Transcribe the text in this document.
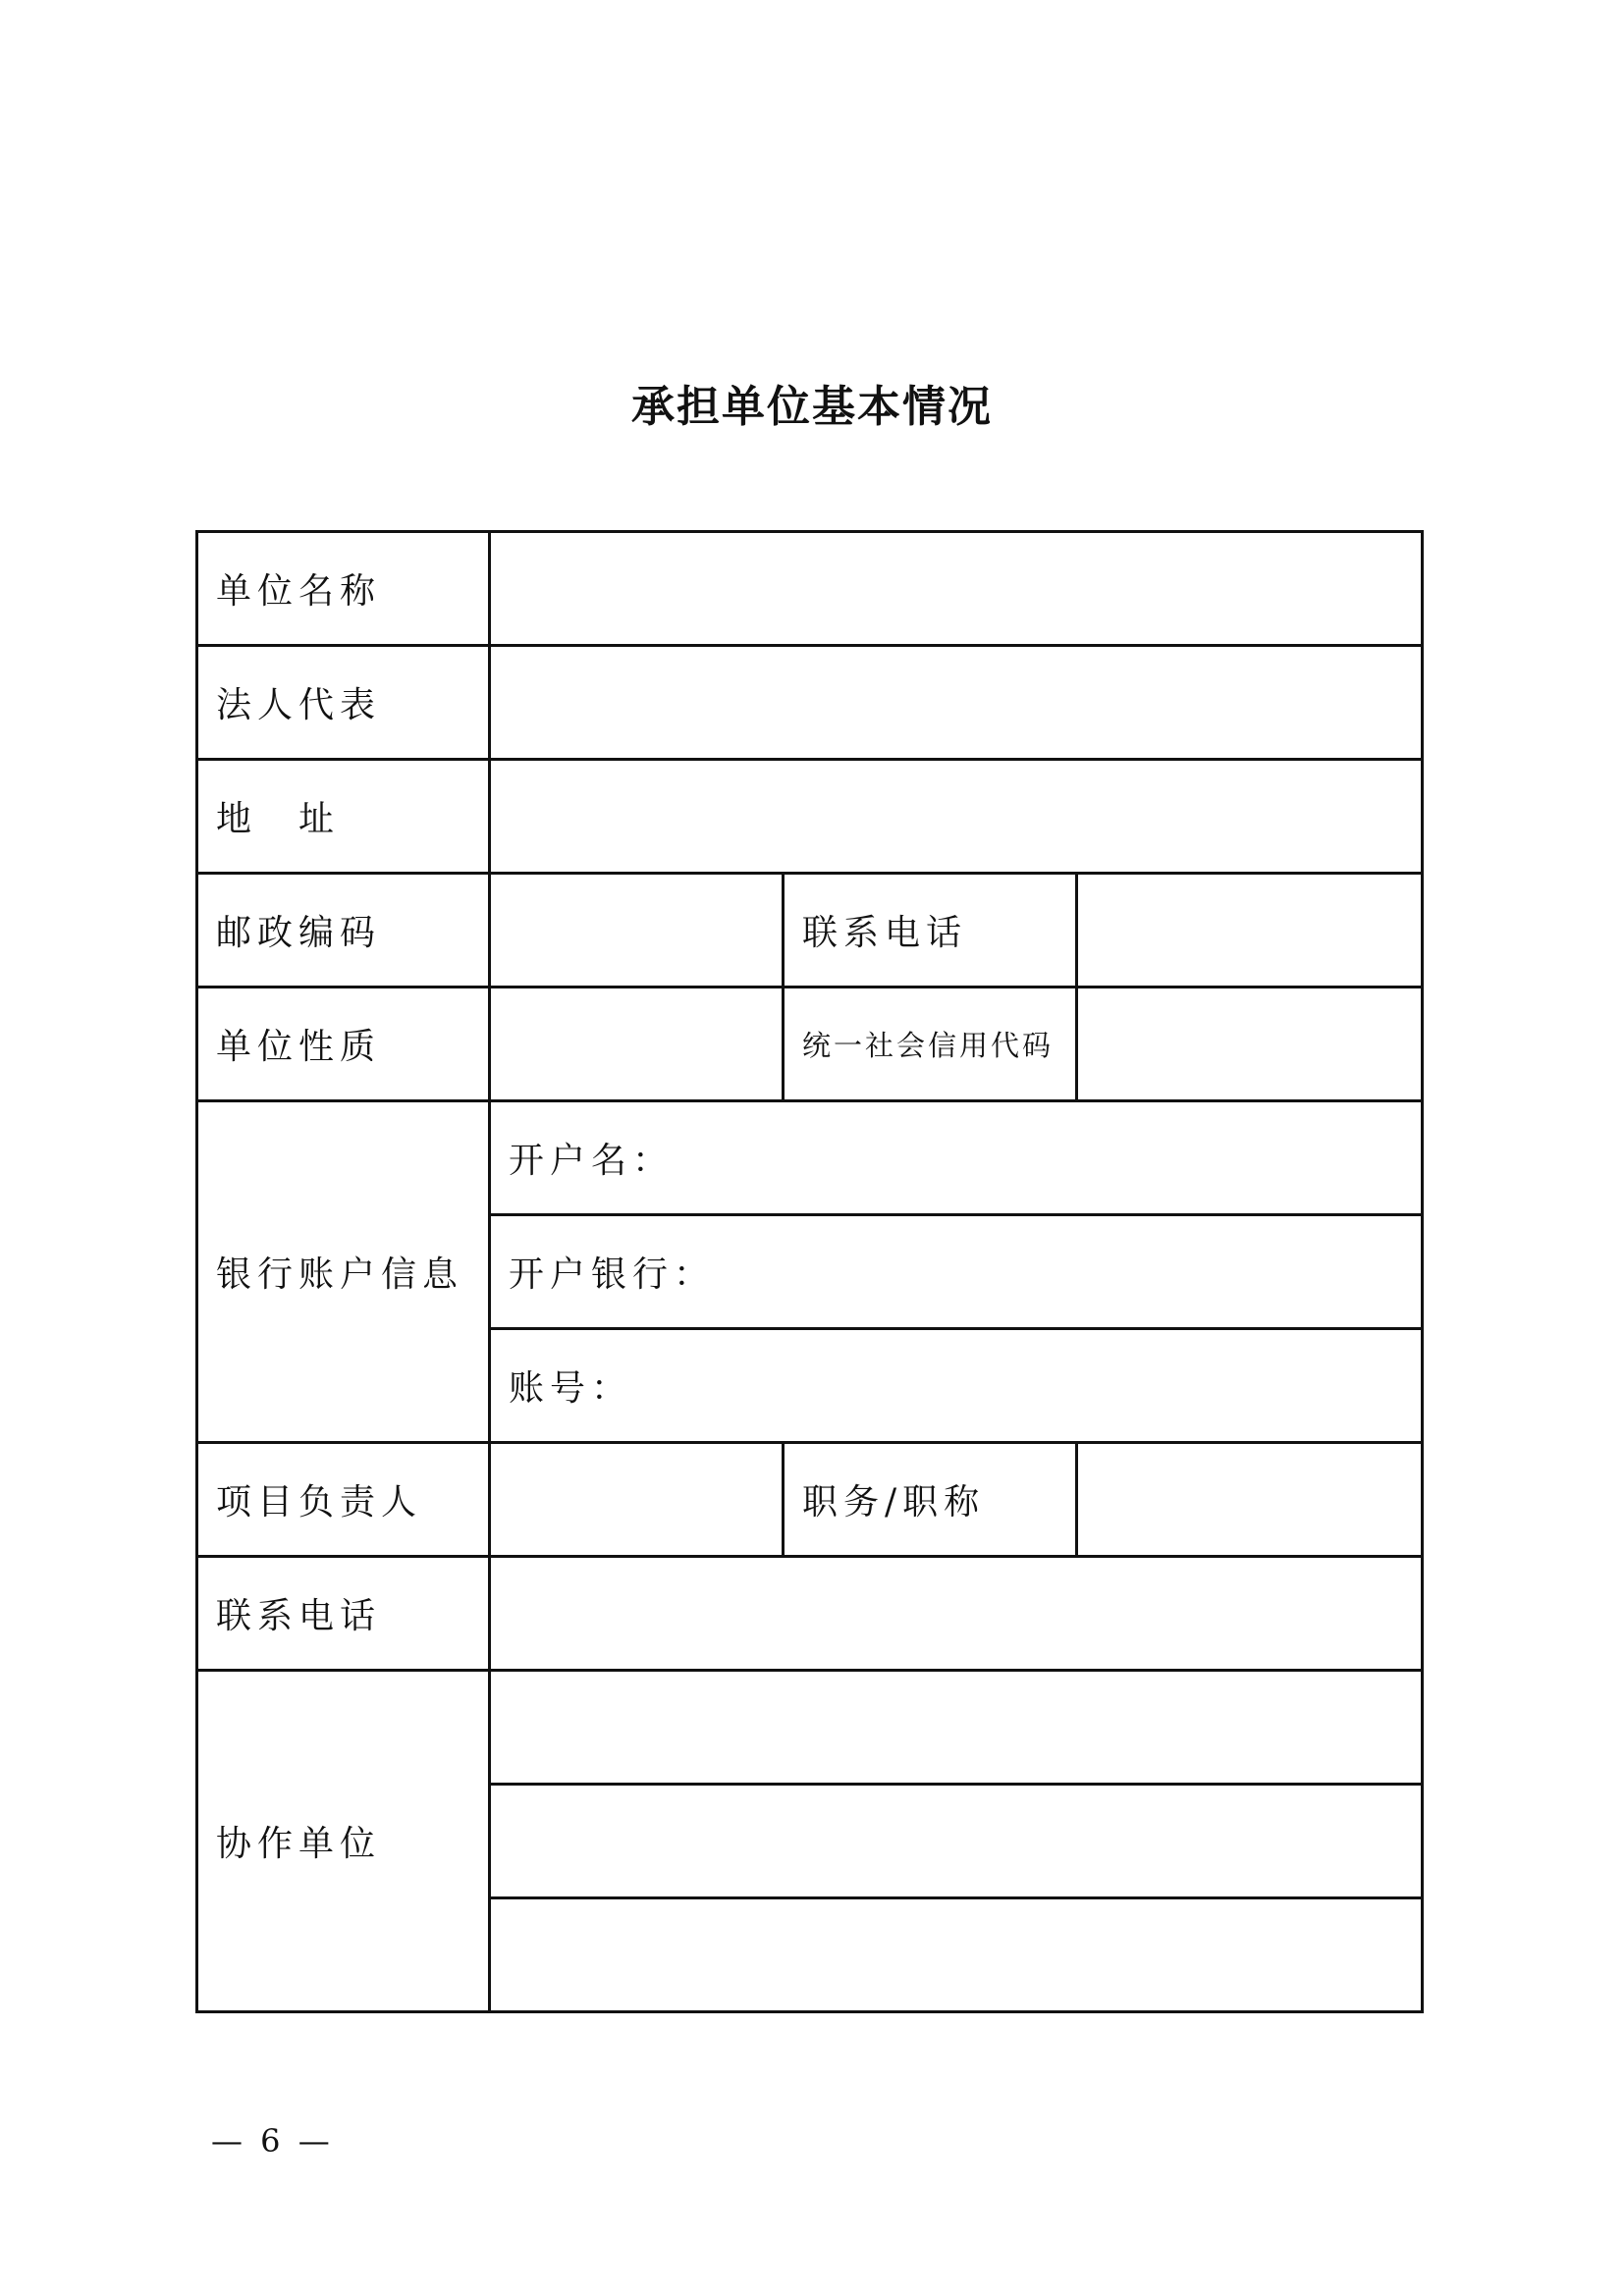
承担单位基本情况
单位名称			
法人代表			
地　址			
邮政编码		联系电话	
单位性质		统一社会信用代码	
银行账户信息	开户名：		
	开户银行：		
	账号：		
项目负责人		职务/职称	
联系电话			
协作单位			

— 6 —
